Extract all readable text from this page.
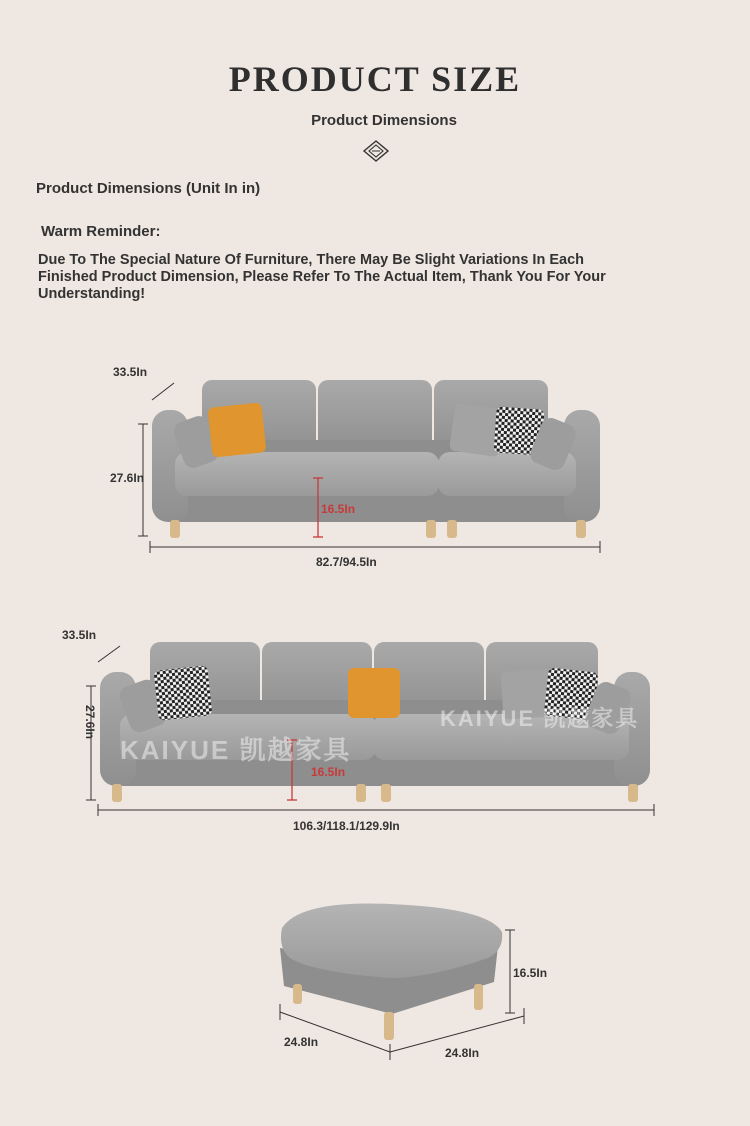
PRODUCT SIZE
Product Dimensions
Product Dimensions (Unit In in)
Warm Reminder:
Due To The Special Nature Of Furniture, There May Be Slight Variations In Each Finished Product Dimension, Please Refer To The Actual Item, Thank You For Your Understanding!
KAIYUE 凯越家具
KAIYUE 凯越家具
33.5In
27.6In
16.5In
82.7/94.5In
33.5In
27.6In
16.5In
106.3/118.1/129.9In
16.5In
24.8In
24.8In
